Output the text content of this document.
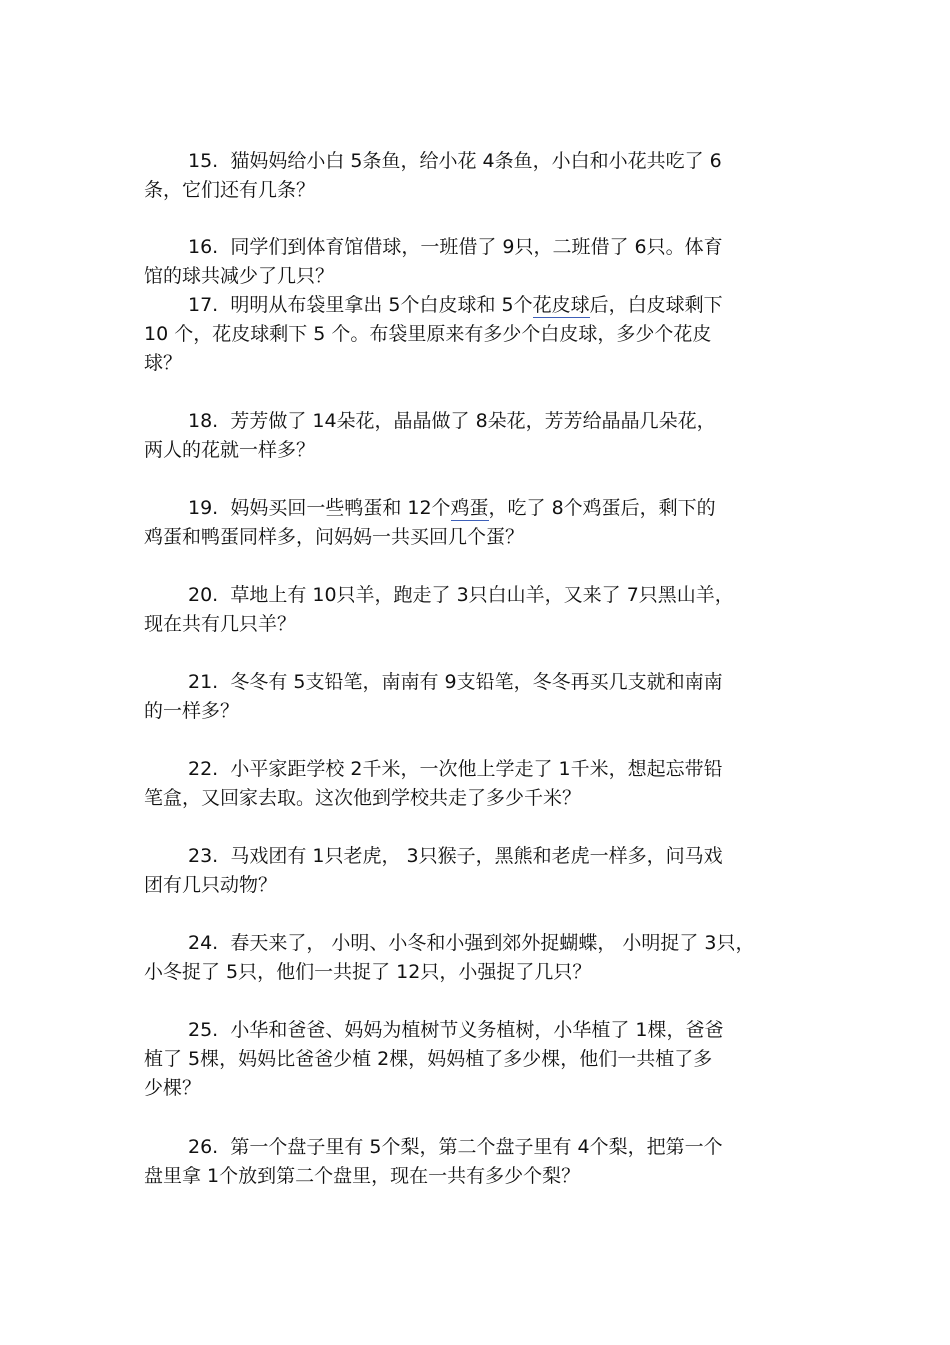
15. 猫妈妈给小白 5条鱼，给小花 4条鱼，小白和小花共吃了 6
条，它们还有几条？
16. 同学们到体育馆借球，一班借了 9只，二班借了 6只。体育
馆的球共减少了几只？
17. 明明从布袋里拿出 5个白皮球和 5个花皮球后，白皮球剩下
10 个，花皮球剩下 5 个。布袋里原来有多少个白皮球，多少个花皮
球？
18. 芳芳做了 14朵花，晶晶做了 8朵花，芳芳给晶晶几朵花，
两人的花就一样多？
19. 妈妈买回一些鸭蛋和 12个鸡蛋，吃了 8个鸡蛋后，剩下的
鸡蛋和鸭蛋同样多，问妈妈一共买回几个蛋？
20. 草地上有 10只羊，跑走了 3只白山羊，又来了 7只黑山羊，
现在共有几只羊？
21. 冬冬有 5支铅笔，南南有 9支铅笔，冬冬再买几支就和南南
的一样多？
22. 小平家距学校 2千米，一次他上学走了 1千米，想起忘带铅
笔盒，又回家去取。这次他到学校共走了多少千米？
23. 马戏团有 1只老虎， 3只猴子，黑熊和老虎一样多，问马戏
团有几只动物？
24. 春天来了， 小明、小冬和小强到郊外捉蝴蝶， 小明捉了 3只，
小冬捉了 5只，他们一共捉了 12只，小强捉了几只？
25. 小华和爸爸、妈妈为植树节义务植树，小华植了 1棵，爸爸
植了 5棵，妈妈比爸爸少植 2棵，妈妈植了多少棵，他们一共植了多
少棵？
26. 第一个盘子里有 5个梨，第二个盘子里有 4个梨，把第一个
盘里拿 1个放到第二个盘里，现在一共有多少个梨？
